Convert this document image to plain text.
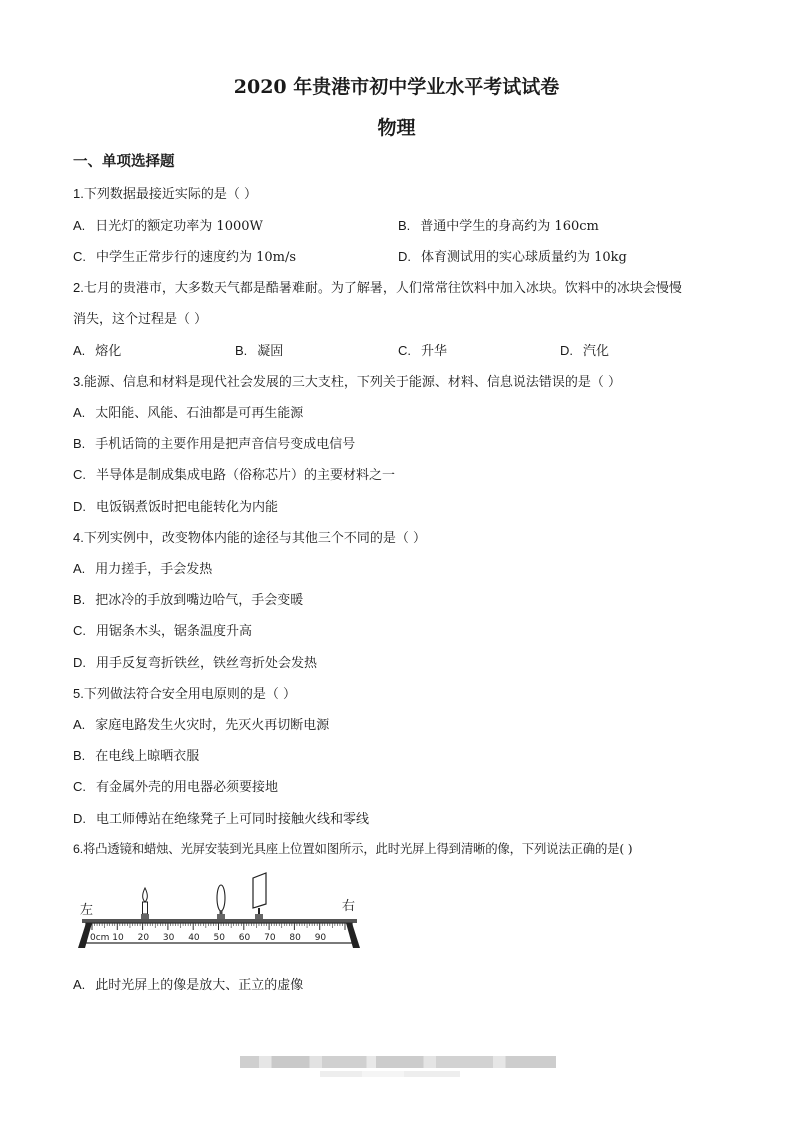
2020 年贵港市初中学业水平考试试卷
物理
一、单项选择题
1.下列数据最接近实际的是（ ）
A. 日光灯的额定功率为 1000W	B. 普通中学生的身高约为 160cm
C. 中学生正常步行的速度约为 10m/s	D. 体育测试用的实心球质量约为 10kg
2.七月的贵港市，大多数天气都是酷暑难耐。为了解暑，人们常常往饮料中加入冰块。饮料中的冰块会慢慢
消失，这个过程是（ ）
A. 熔化	B. 凝固	C. 升华	D. 汽化
3.能源、信息和材料是现代社会发展的三大支柱，下列关于能源、材料、信息说法错误的是（ ）
A. 太阳能、风能、石油都是可再生能源
B. 手机话筒的主要作用是把声音信号变成电信号
C. 半导体是制成集成电路（俗称芯片）的主要材料之一
D. 电饭锅煮饭时把电能转化为内能
4.下列实例中，改变物体内能的途径与其他三个不同的是（ ）
A. 用力搓手，手会发热
B. 把冰冷的手放到嘴边哈气，手会变暖
C. 用锯条木头，锯条温度升高
D. 用手反复弯折铁丝，铁丝弯折处会发热
5.下列做法符合安全用电原则的是（ ）
A. 家庭电路发生火灾时，先灭火再切断电源
B. 在电线上晾晒衣服
C. 有金属外壳的用电器必须要接地
D. 电工师傅站在绝缘凳子上可同时接触火线和零线
6.将凸透镜和蜡烛、光屏安装到光具座上位置如图所示，此时光屏上得到清晰的像，下列说法正确的是( )
左	右
0cm 10 20 30 40 50 60 70 80 90
A. 此时光屏上的像是放大、正立的虚像
